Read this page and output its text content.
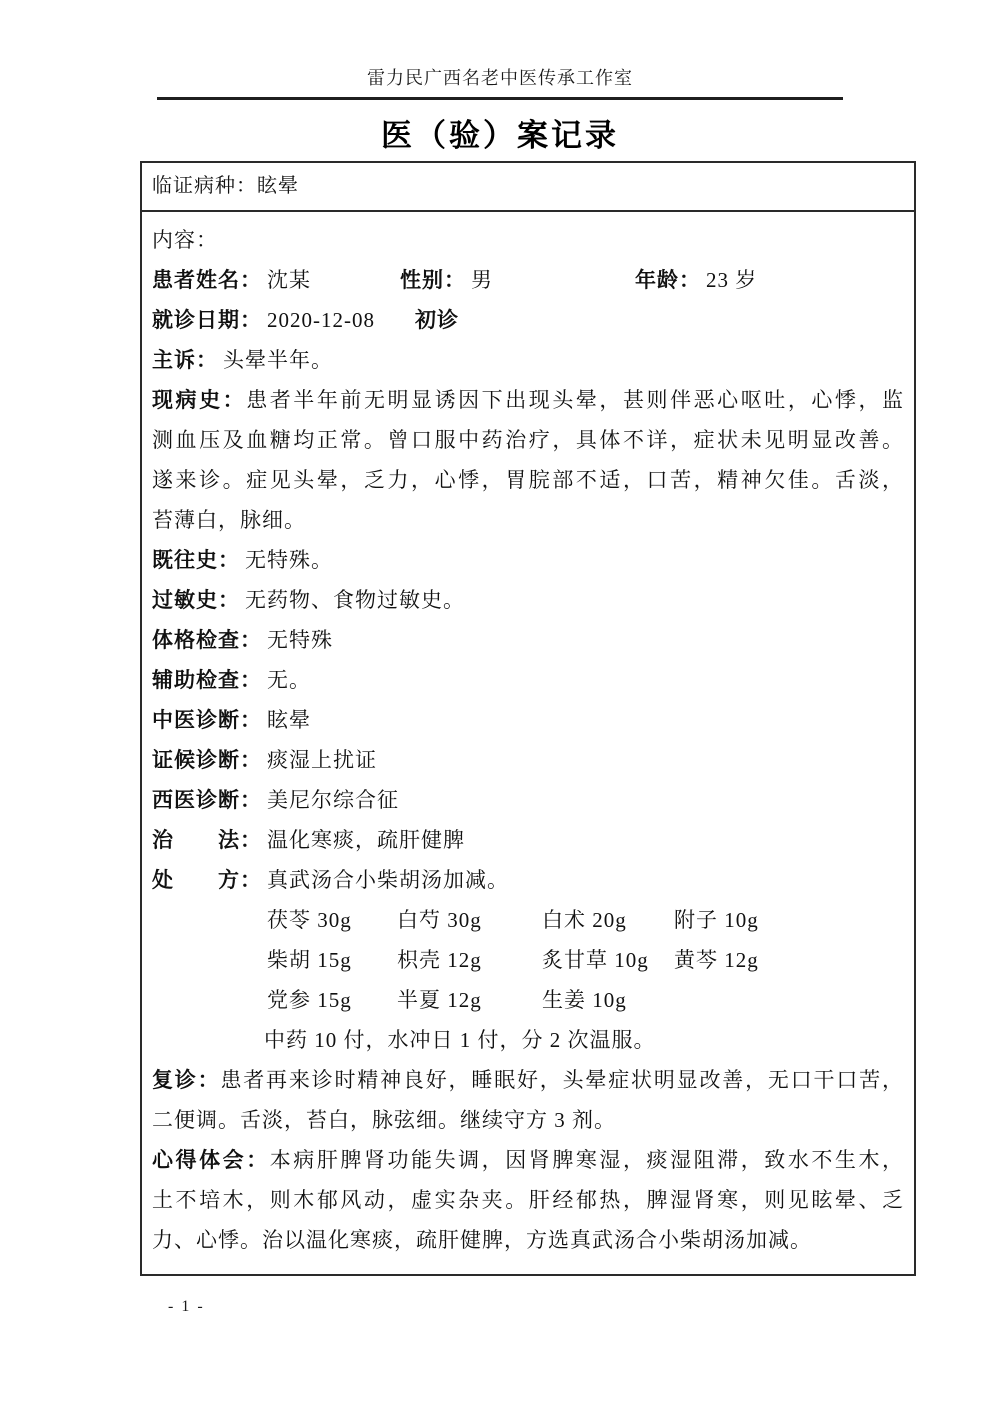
雷力民广西名老中医传承工作室
医（验）案记录
临证病种：眩晕
内容：
患者姓名： 沈某	性别： 男	年龄： 23 岁
就诊日期： 2020-12-08 初诊
主诉： 头晕半年。
现病史：患者半年前无明显诱因下出现头晕，甚则伴恶心呕吐，心悸，监
测血压及血糖均正常。曾口服中药治疗，具体不详，症状未见明显改善。
遂来诊。症见头晕，乏力，心悸，胃脘部不适，口苦，精神欠佳。舌淡，
苔薄白，脉细。
既往史： 无特殊。
过敏史： 无药物、食物过敏史。
体格检查： 无特殊
辅助检查： 无。
中医诊断： 眩晕
证候诊断： 痰湿上扰证
西医诊断： 美尼尔综合征
治　　法： 温化寒痰，疏肝健脾
处　　方： 真武汤合小柴胡汤加减。
茯苓 30g 白芍 30g	白术 20g 附子 10g
柴胡 15g 枳壳 12g	炙甘草 10g 黄芩 12g
党参 15g 半夏 12g	生姜 10g
中药 10 付，水冲日 1 付，分 2 次温服。
复诊：患者再来诊时精神良好，睡眠好，头晕症状明显改善，无口干口苦，
二便调。舌淡，苔白，脉弦细。继续守方 3 剂。
心得体会：本病肝脾肾功能失调，因肾脾寒湿，痰湿阻滞，致水不生木，
土不培木，则木郁风动，虚实杂夹。肝经郁热，脾湿肾寒，则见眩晕、乏
力、心悸。治以温化寒痰，疏肝健脾，方选真武汤合小柴胡汤加减。
- 1 -
